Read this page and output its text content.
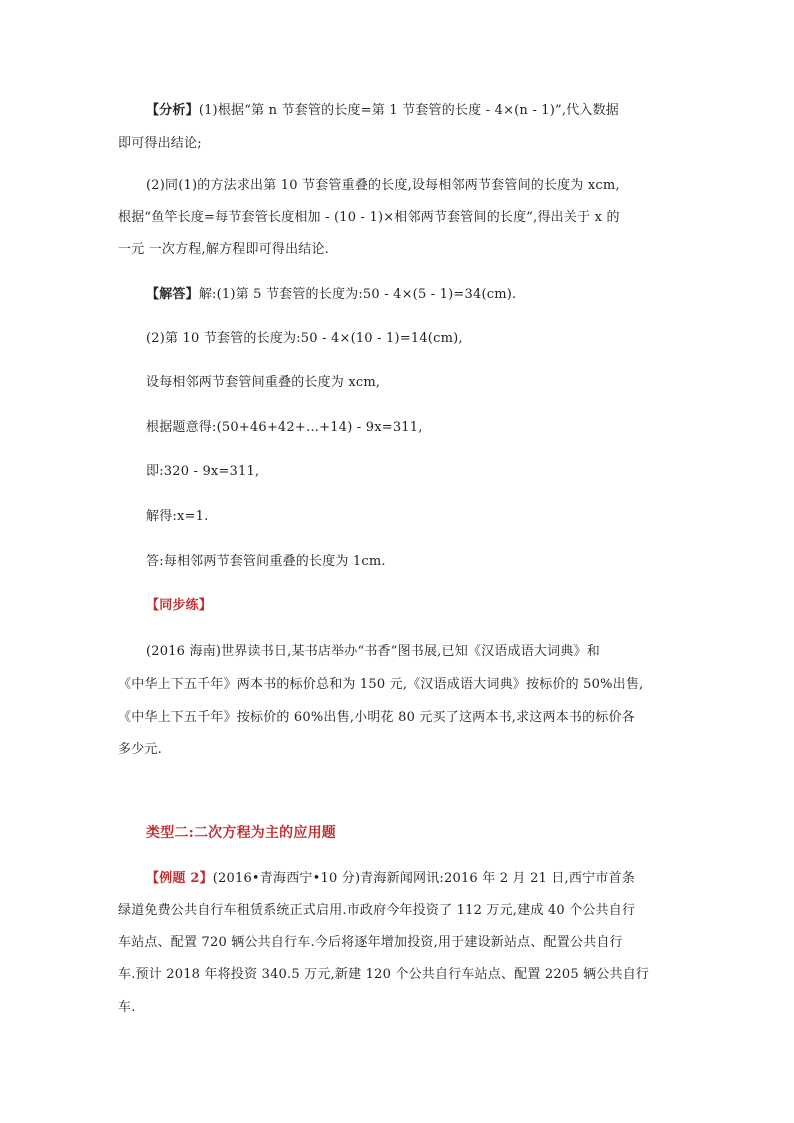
【分析】(1)根据“第 n 节套管的长度=第 1 节套管的长度 - 4×(n - 1)”,代入数据

即可得出结论;

(2)同(1)的方法求出第 10 节套管重叠的长度,设每相邻两节套管间的长度为 xcm,

根据“鱼竿长度=每节套管长度相加 - (10 - 1)×相邻两节套管间的长度”,得出关于 x 的

一元 一次方程,解方程即可得出结论.

【解答】解:(1)第 5 节套管的长度为:50 - 4×(5 - 1)=34(cm).

(2)第 10 节套管的长度为:50 - 4×(10 - 1)=14(cm),

设每相邻两节套管间重叠的长度为 xcm,

根据题意得:(50+46+42+…+14) - 9x=311,

即:320 - 9x=311,

解得:x=1.

答:每相邻两节套管间重叠的长度为 1cm.

【同步练】

(2016 海南)世界读书日,某书店举办“书香”图书展,已知《汉语成语大词典》和

《中华上下五千年》两本书的标价总和为 150 元,《汉语成语大词典》按标价的 50%出售,

《中华上下五千年》按标价的 60%出售,小明花 80 元买了这两本书,求这两本书的标价各

多少元.

类型二:二次方程为主的应用题

【例题 2】(2016•青海西宁•10 分)青海新闻网讯:2016 年 2 月 21 日,西宁市首条

绿道免费公共自行车租赁系统正式启用.市政府今年投资了 112 万元,建成 40 个公共自行

车站点、配置 720 辆公共自行车.今后将逐年增加投资,用于建设新站点、配置公共自行

车.预计 2018 年将投资 340.5 万元,新建 120 个公共自行车站点、配置 2205 辆公共自行

车.
